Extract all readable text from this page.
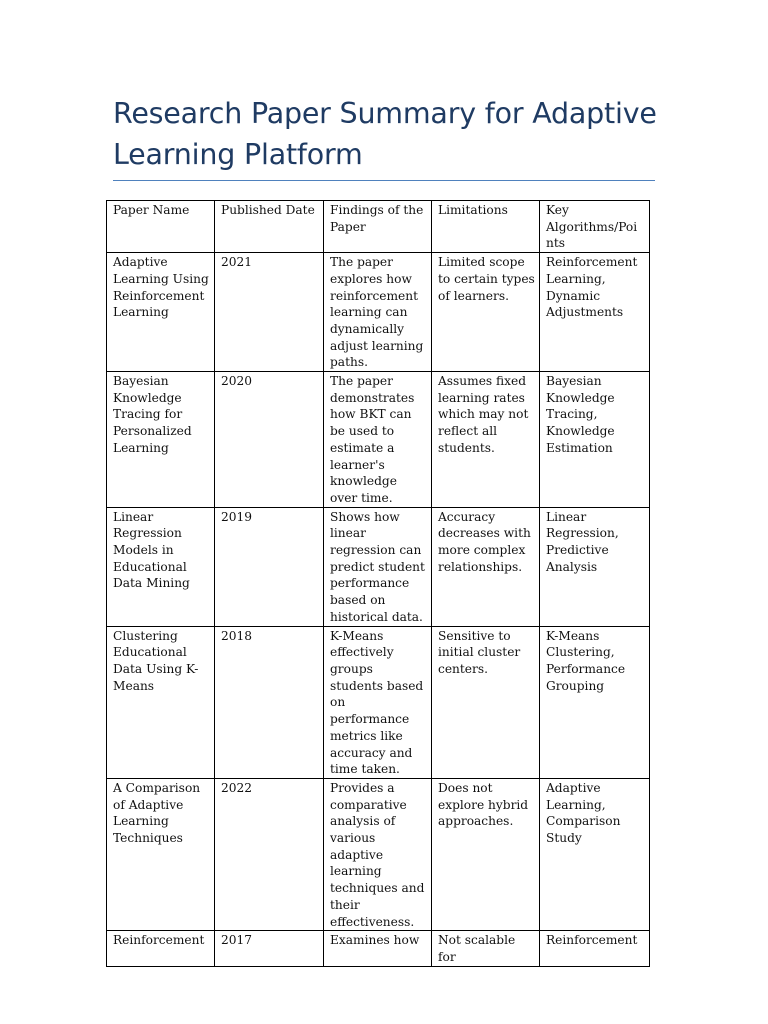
Research Paper Summary for Adaptive Learning Platform
Paper Name	Published Date	Findings of the Paper	Limitations	Key Algorithms/Points
Adaptive Learning Using Reinforcement Learning	2021	The paper explores how reinforcement learning can dynamically adjust learning paths.	Limited scope to certain types of learners.	Reinforcement Learning, Dynamic Adjustments
Bayesian Knowledge Tracing for Personalized Learning	2020	The paper demonstrates how BKT can be used to estimate a learner's knowledge over time.	Assumes fixed learning rates which may not reflect all students.	Bayesian Knowledge Tracing, Knowledge Estimation
Linear Regression Models in Educational Data Mining	2019	Shows how linear regression can predict student performance based on historical data.	Accuracy decreases with more complex relationships.	Linear Regression, Predictive Analysis
Clustering Educational Data Using K-Means	2018	K-Means effectively groups students based on performance metrics like accuracy and time taken.	Sensitive to initial cluster centers.	K-Means Clustering, Performance Grouping
A Comparison of Adaptive Learning Techniques	2022	Provides a comparative analysis of various adaptive learning techniques and their effectiveness.	Does not explore hybrid approaches.	Adaptive Learning, Comparison Study
Reinforcement	2017	Examines how	Not scalable for	Reinforcement
